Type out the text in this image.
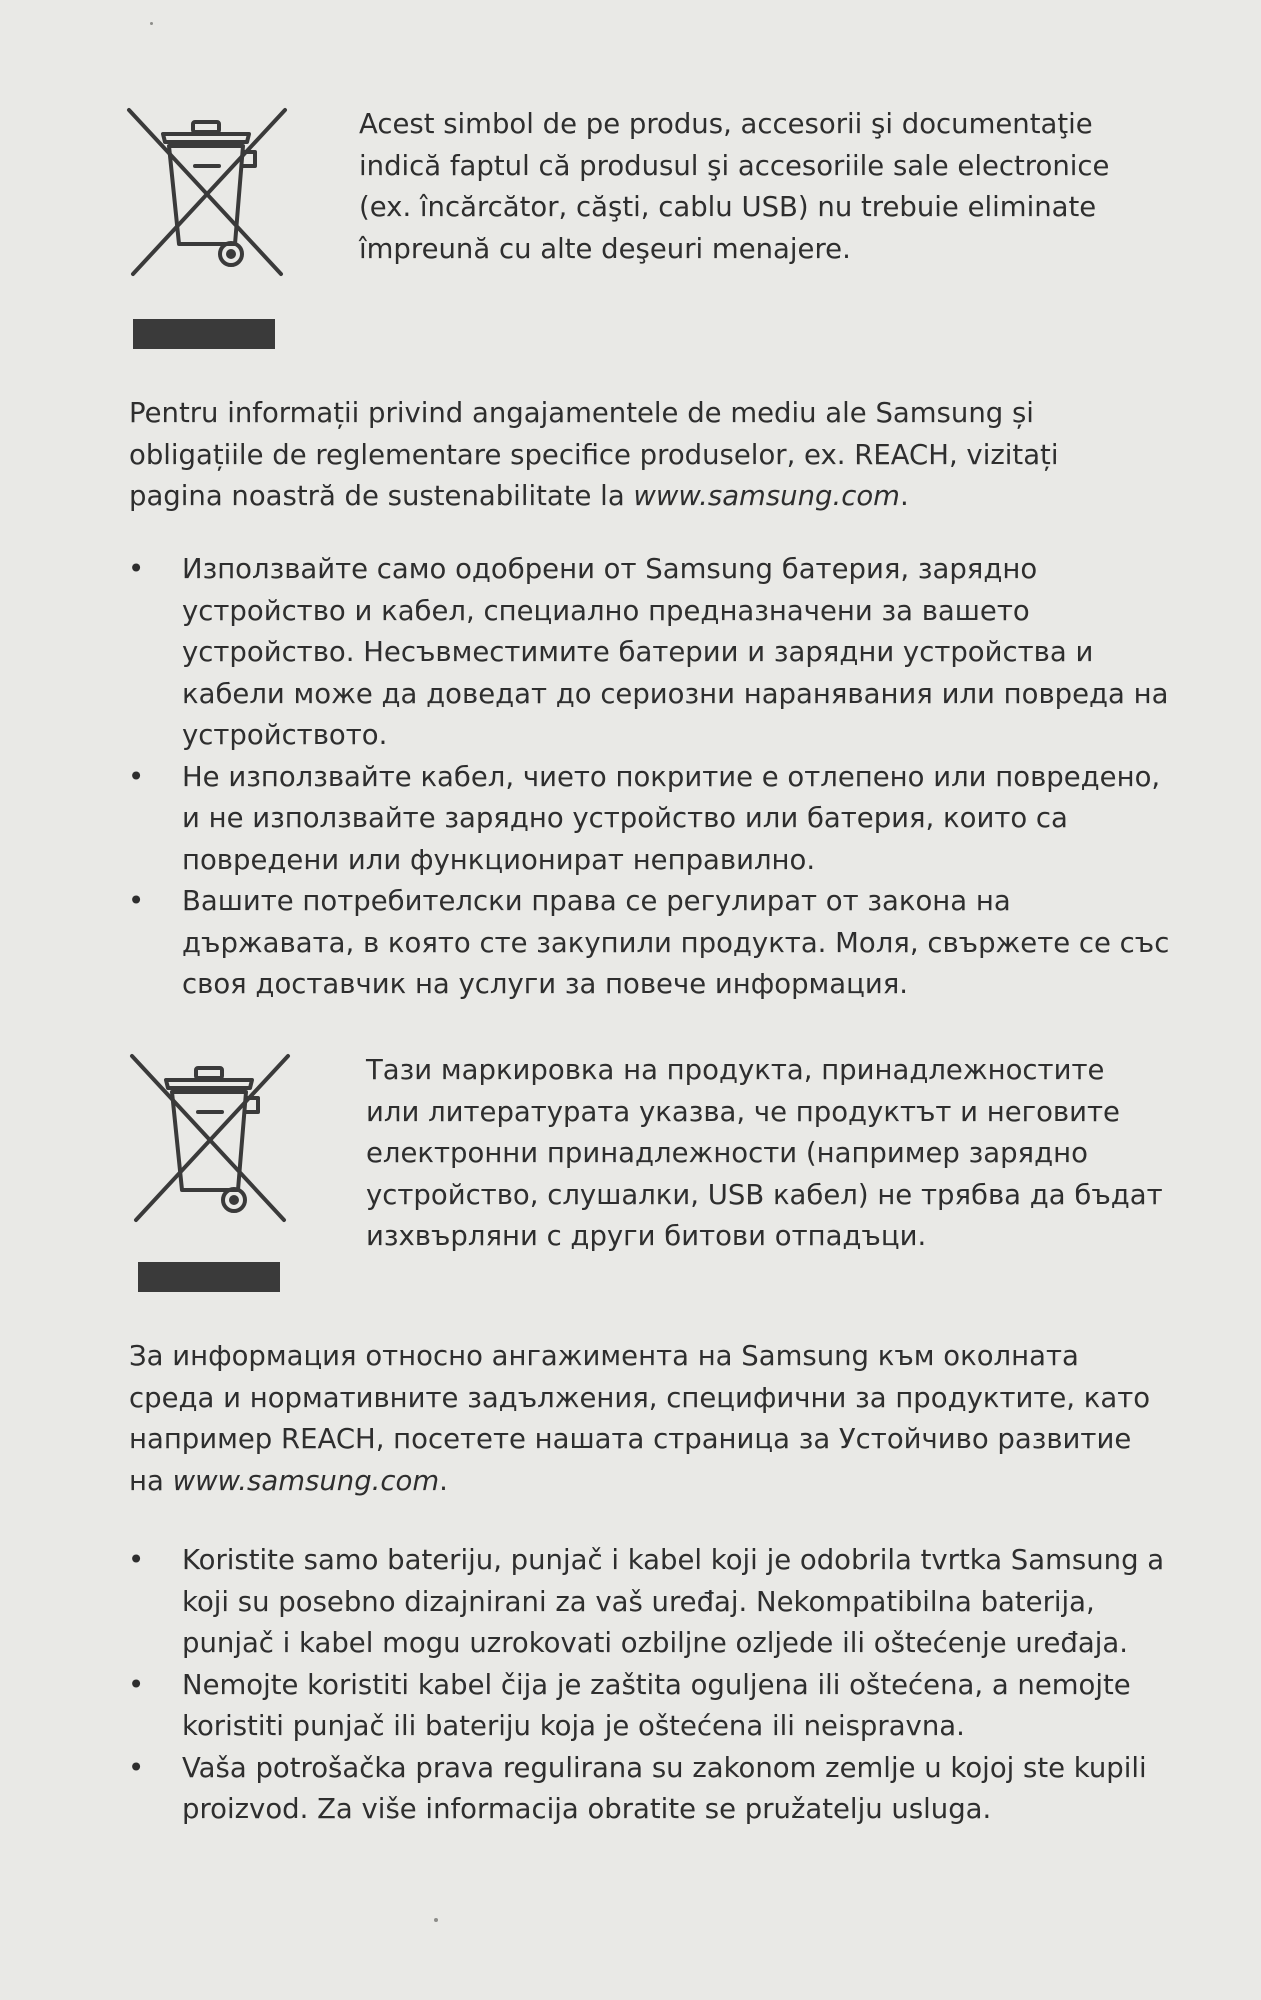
Acest simbol de pe produs, accesorii şi documentaţie
indică faptul că produsul şi accesoriile sale electronice
(ex. încărcător, căşti, cablu USB) nu trebuie eliminate
împreună cu alte deşeuri menajere.

Pentru informații privind angajamentele de mediu ale Samsung și obligațiile de reglementare specifice produselor, ex. REACH, vizitați pagina noastră de sustenabilitate la www.samsung.com.

• Използвайте само одобрени от Samsung батерия, зарядно устройство и кабел, специално предназначени за вашето устройство. Несъвместимите батерии и зарядни устройства и кабели може да доведат до сериозни наранявания или повреда на устройството.
• Не използвайте кабел, чието покритие е отлепено или повредено, и не използвайте зарядно устройство или батерия, които са повредени или функционират неправилно.
• Вашите потребителски права се регулират от закона на държавата, в която сте закупили продукта. Моля, свържете се със своя доставчик на услуги за повече информация.

Тази маркировка на продукта, принадлежностите
или литературата указва, че продуктът и неговите
електронни принадлежности (например зарядно
устройство, слушалки, USB кабел) не трябва да бъдат
изхвърляни с други битови отпадъци.

За информация относно ангажимента на Samsung към околната среда и нормативните задължения, специфични за продуктите, като например REACH, посетете нашата страница за Устойчиво развитие на www.samsung.com.

• Koristite samo bateriju, punjač i kabel koji je odobrila tvrtka Samsung a koji su posebno dizajnirani za vaš uređaj. Nekompatibilna baterija, punjač i kabel mogu uzrokovati ozbiljne ozljede ili oštećenje uređaja.
• Nemojte koristiti kabel čija je zaštita oguljena ili oštećena, a nemojte koristiti punjač ili bateriju koja je oštećena ili neispravna.
• Vaša potrošačka prava regulirana su zakonom zemlje u kojoj ste kupili proizvod. Za više informacija obratite se pružatelju usluga.
